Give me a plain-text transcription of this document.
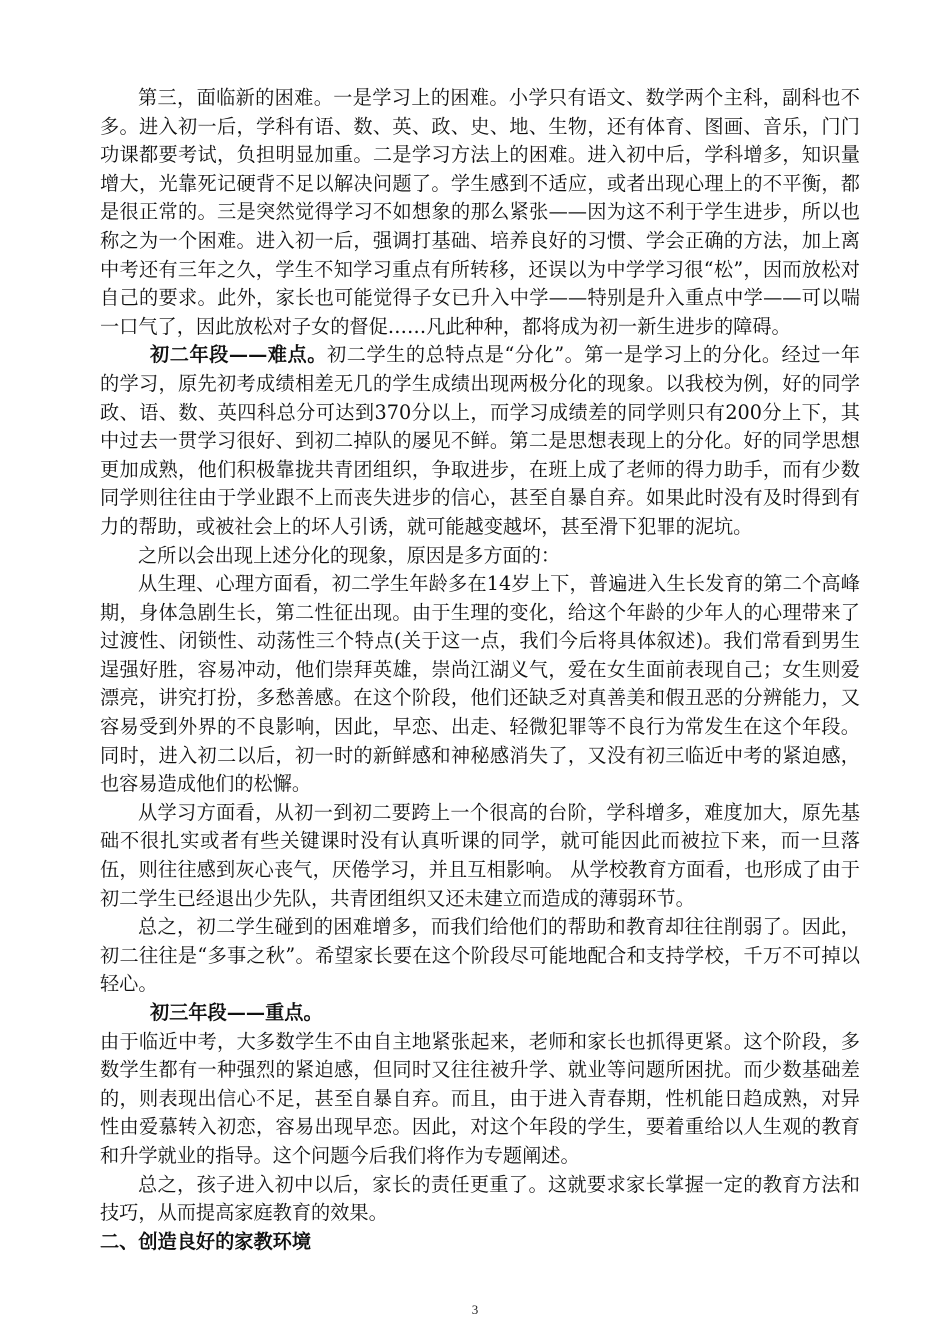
第三，面临新的困难。一是学习上的困难。小学只有语文、数学两个主科，副科也不多。进入初一后，学科有语、数、英、政、史、地、生物，还有体育、图画、音乐，门门功课都要考试，负担明显加重。二是学习方法上的困难。进入初中后，学科增多，知识量增大，光靠死记硬背不足以解决问题了。学生感到不适应，或者出现心理上的不平衡，都是很正常的。三是突然觉得学习不如想象的那么紧张——因为这不利于学生进步，所以也称之为一个困难。进入初一后，强调打基础、培养良好的习惯、学会正确的方法，加上离中考还有三年之久，学生不知学习重点有所转移，还误以为中学学习很“松”，因而放松对自己的要求。此外，家长也可能觉得子女已升入中学——特别是升入重点中学——可以喘一口气了，因此放松对子女的督促……凡此种种，都将成为初一新生进步的障碍。

初二年段——难点。初二学生的总特点是“分化”。第一是学习上的分化。经过一年的学习，原先初考成绩相差无几的学生成绩出现两极分化的现象。以我校为例，好的同学政、语、数、英四科总分可达到370分以上，而学习成绩差的同学则只有200分上下，其中过去一贯学习很好、到初二掉队的屡见不鲜。第二是思想表现上的分化。好的同学思想更加成熟，他们积极靠拢共青团组织，争取进步，在班上成了老师的得力助手，而有少数同学则往往由于学业跟不上而丧失进步的信心，甚至自暴自弃。如果此时没有及时得到有力的帮助，或被社会上的坏人引诱，就可能越变越坏，甚至滑下犯罪的泥坑。

之所以会出现上述分化的现象，原因是多方面的：

从生理、心理方面看，初二学生年龄多在14岁上下，普遍进入生长发育的第二个高峰期，身体急剧生长，第二性征出现。由于生理的变化，给这个年龄的少年人的心理带来了过渡性、闭锁性、动荡性三个特点(关于这一点，我们今后将具体叙述)。我们常看到男生逞强好胜，容易冲动，他们崇拜英雄，崇尚江湖义气，爱在女生面前表现自己；女生则爱漂亮，讲究打扮，多愁善感。在这个阶段，他们还缺乏对真善美和假丑恶的分辨能力，又容易受到外界的不良影响，因此，早恋、出走、轻微犯罪等不良行为常发生在这个年段。同时，进入初二以后，初一时的新鲜感和神秘感消失了，又没有初三临近中考的紧迫感，也容易造成他们的松懈。

从学习方面看，从初一到初二要跨上一个很高的台阶，学科增多，难度加大，原先基础不很扎实或者有些关键课时没有认真听课的同学，就可能因此而被拉下来，而一旦落伍，则往往感到灰心丧气，厌倦学习，并且互相影响。 从学校教育方面看，也形成了由于初二学生已经退出少先队，共青团组织又还未建立而造成的薄弱环节。

总之，初二学生碰到的困难增多，而我们给他们的帮助和教育却往往削弱了。因此，初二往往是“多事之秋”。希望家长要在这个阶段尽可能地配合和支持学校，千万不可掉以轻心。

初三年段——重点。

由于临近中考，大多数学生不由自主地紧张起来，老师和家长也抓得更紧。这个阶段，多数学生都有一种强烈的紧迫感，但同时又往往被升学、就业等问题所困扰。而少数基础差的，则表现出信心不足，甚至自暴自弃。而且，由于进入青春期，性机能日趋成熟，对异性由爱慕转入初恋，容易出现早恋。因此，对这个年段的学生，要着重给以人生观的教育和升学就业的指导。这个问题今后我们将作为专题阐述。

总之，孩子进入初中以后，家长的责任更重了。这就要求家长掌握一定的教育方法和技巧，从而提高家庭教育的效果。

二、创造良好的家教环境

3
